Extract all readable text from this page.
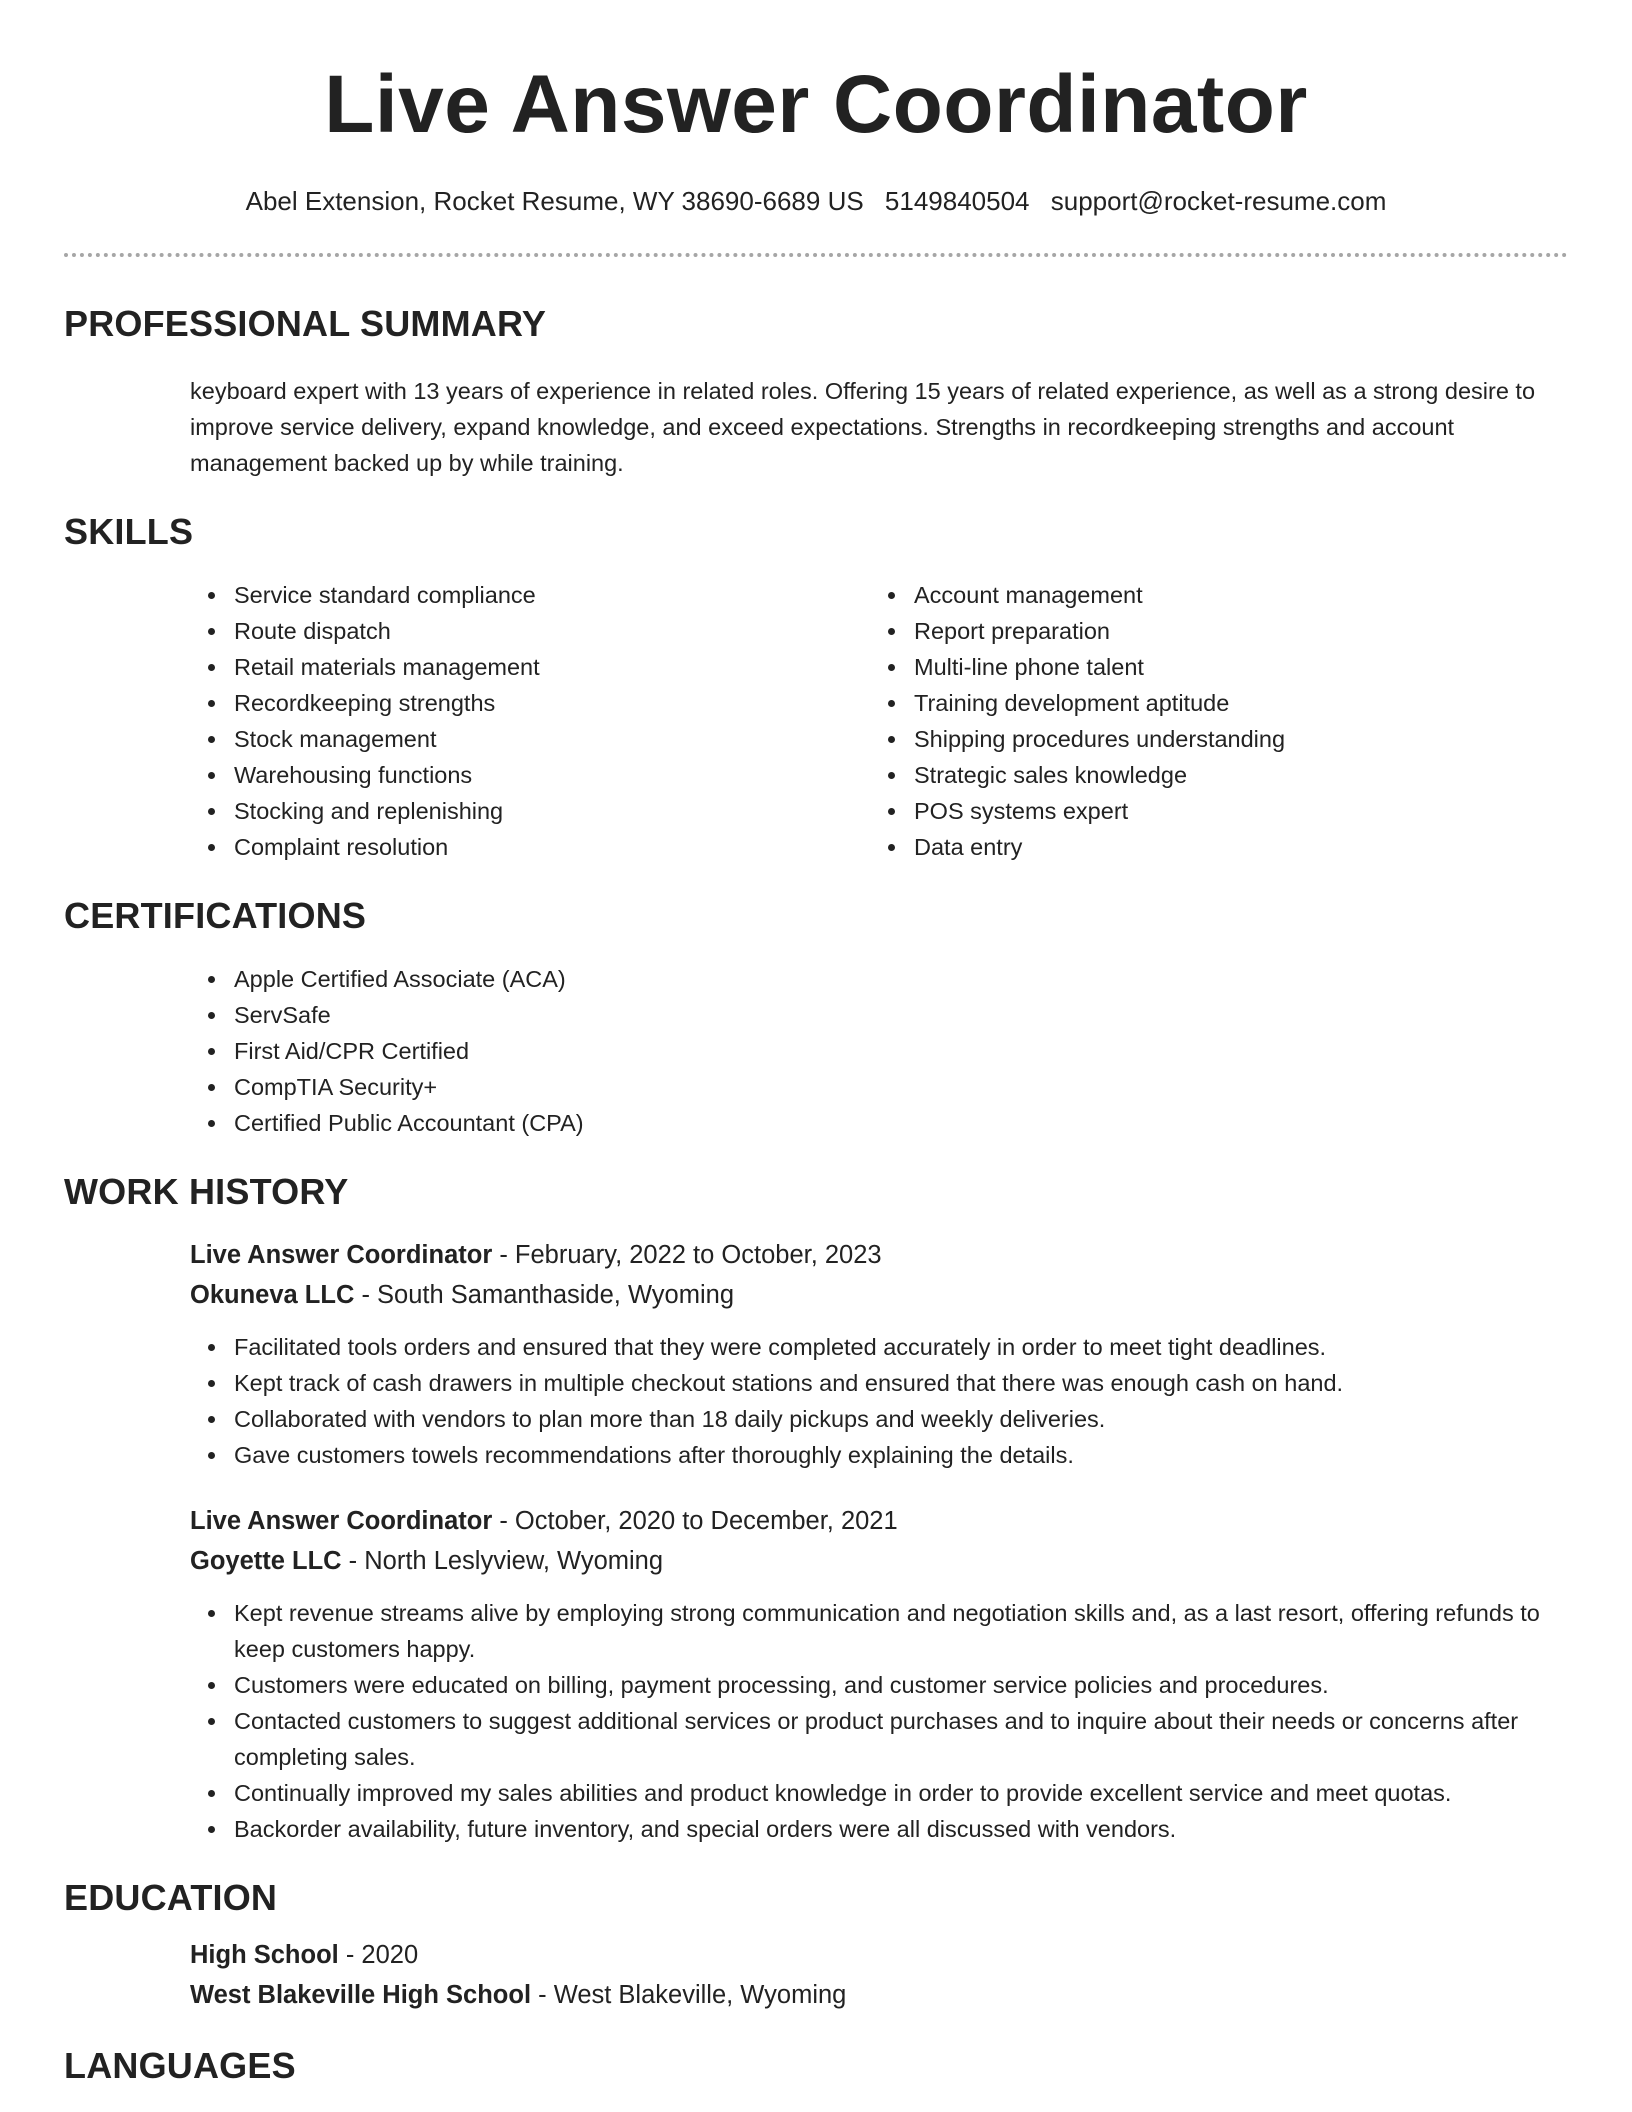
Live Answer Coordinator
Abel Extension, Rocket Resume, WY 38690-6689 US 5149840504 support@rocket-resume.com
PROFESSIONAL SUMMARY

keyboard expert with 13 years of experience in related roles. Offering 15 years of related experience, as well as a strong desire to improve service delivery, expand knowledge, and exceed expectations. Strengths in recordkeeping strengths and account management backed up by while training.

SKILLS
Service standard compliance
Route dispatch
Retail materials management
Recordkeeping strengths
Stock management
Warehousing functions
Stocking and replenishing
Complaint resolution
Account management
Report preparation
Multi-line phone talent
Training development aptitude
Shipping procedures understanding
Strategic sales knowledge
POS systems expert
Data entry
CERTIFICATIONS
Apple Certified Associate (ACA)
ServSafe
First Aid/CPR Certified
CompTIA Security+
Certified Public Accountant (CPA)
WORK HISTORY
Live Answer Coordinator - February, 2022 to October, 2023
Okuneva LLC - South Samanthaside, Wyoming
Facilitated tools orders and ensured that they were completed accurately in order to meet tight deadlines.
Kept track of cash drawers in multiple checkout stations and ensured that there was enough cash on hand.
Collaborated with vendors to plan more than 18 daily pickups and weekly deliveries.
Gave customers towels recommendations after thoroughly explaining the details.
Live Answer Coordinator - October, 2020 to December, 2021
Goyette LLC - North Leslyview, Wyoming
Kept revenue streams alive by employing strong communication and negotiation skills and, as a last resort, offering refunds to keep customers happy.
Customers were educated on billing, payment processing, and customer service policies and procedures.
Contacted customers to suggest additional services or product purchases and to inquire about their needs or concerns after completing sales.
Continually improved my sales abilities and product knowledge in order to provide excellent service and meet quotas.
Backorder availability, future inventory, and special orders were all discussed with vendors.
EDUCATION
High School - 2020
West Blakeville High School - West Blakeville, Wyoming
LANGUAGES
